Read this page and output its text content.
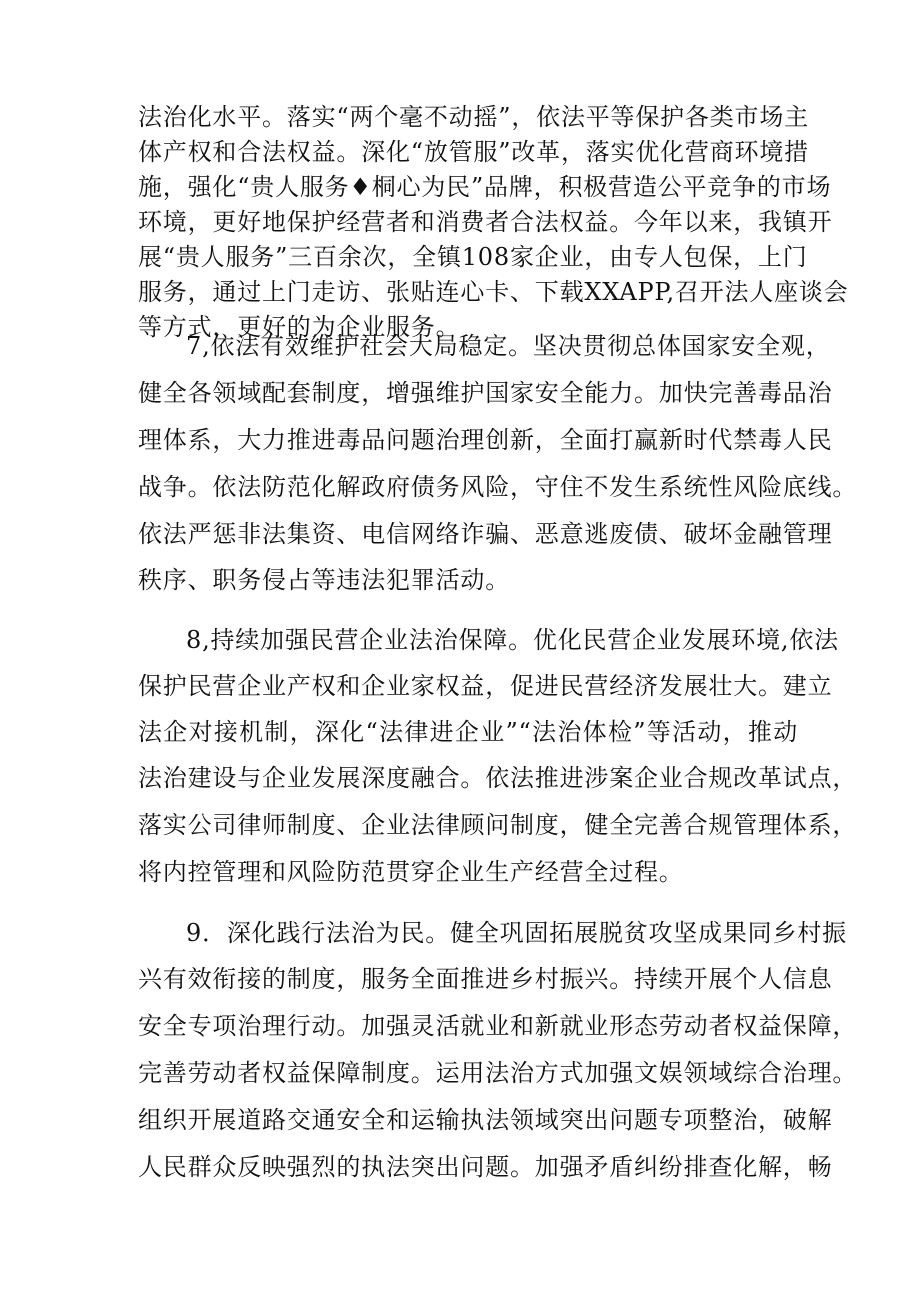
法治化水平。落实“两个毫不动摇”，依法平等保护各类市场主
体产权和合法权益。深化“放管服”改革，落实优化营商环境措
施，强化“贵人服务♦桐心为民”品牌，积极营造公平竞争的市场
环境，更好地保护经营者和消费者合法权益。今年以来，我镇开
展“贵人服务”三百余次，全镇108家企业，由专人包保，上门
服务，通过上门走访、张贴连心卡、下载XXAPP,召开法人座谈会
等方式，更好的为企业服务。
7,依法有效维护社会大局稳定。坚决贯彻总体国家安全观，
健全各领域配套制度，增强维护国家安全能力。加快完善毒品治
理体系，大力推进毒品问题治理创新，全面打赢新时代禁毒人民
战争。依法防范化解政府债务风险，守住不发生系统性风险底线。
依法严惩非法集资、电信网络诈骗、恶意逃废债、破坏金融管理
秩序、职务侵占等违法犯罪活动。
8,持续加强民营企业法治保障。优化民营企业发展环境,依法
保护民营企业产权和企业家权益，促进民营经济发展壮大。建立
法企对接机制，深化“法律进企业”“法治体检”等活动，推动
法治建设与企业发展深度融合。依法推进涉案企业合规改革试点，
落实公司律师制度、企业法律顾问制度，健全完善合规管理体系，
将内控管理和风险防范贯穿企业生产经营全过程。
9．深化践行法治为民。健全巩固拓展脱贫攻坚成果同乡村振
兴有效衔接的制度，服务全面推进乡村振兴。持续开展个人信息
安全专项治理行动。加强灵活就业和新就业形态劳动者权益保障，
完善劳动者权益保障制度。运用法治方式加强文娱领域综合治理。
组织开展道路交通安全和运输执法领域突出问题专项整治，破解
人民群众反映强烈的执法突出问题。加强矛盾纠纷排查化解，畅
